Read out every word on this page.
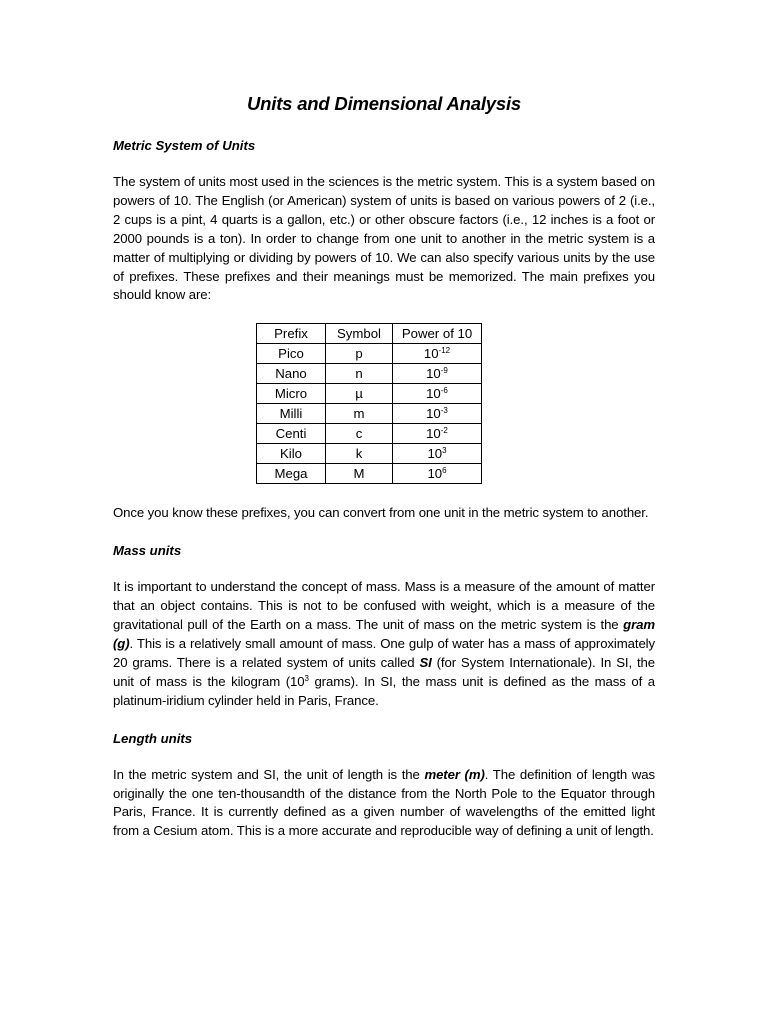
Units and Dimensional Analysis
Metric System of Units
The system of units most used in the sciences is the metric system. This is a system based on powers of 10. The English (or American) system of units is based on various powers of 2 (i.e., 2 cups is a pint, 4 quarts is a gallon, etc.) or other obscure factors (i.e., 12 inches is a foot or 2000 pounds is a ton). In order to change from one unit to another in the metric system is a matter of multiplying or dividing by powers of 10. We can also specify various units by the use of prefixes. These prefixes and their meanings must be memorized. The main prefixes you should know are:
Prefix	Symbol	Power of 10
Pico	p	$10^{-12}$
Nano	n	$10^{-9}$
Micro	µ	$10^{-6}$
Milli	m	$10^{-3}$
Centi	c	$10^{-2}$
Kilo	k	$10^3$
Mega	M	$10^6$
Once you know these prefixes, you can convert from one unit in the metric system to another.
Mass units
It is important to understand the concept of mass. Mass is a measure of the amount of matter that an object contains. This is not to be confused with weight, which is a measure of the gravitational pull of the Earth on a mass. The unit of mass on the metric system is the gram (g). This is a relatively small amount of mass. One gulp of water has a mass of approximately 20 grams. There is a related system of units called SI (for System Internationale). In SI, the unit of mass is the kilogram ($10^3$ grams). In SI, the mass unit is defined as the mass of a platinum-iridium cylinder held in Paris, France.
Length units
In the metric system and SI, the unit of length is the meter (m). The definition of length was originally the one ten-thousandth of the distance from the North Pole to the Equator through Paris, France. It is currently defined as a given number of wavelengths of the emitted light from a Cesium atom. This is a more accurate and reproducible way of defining a unit of length.
